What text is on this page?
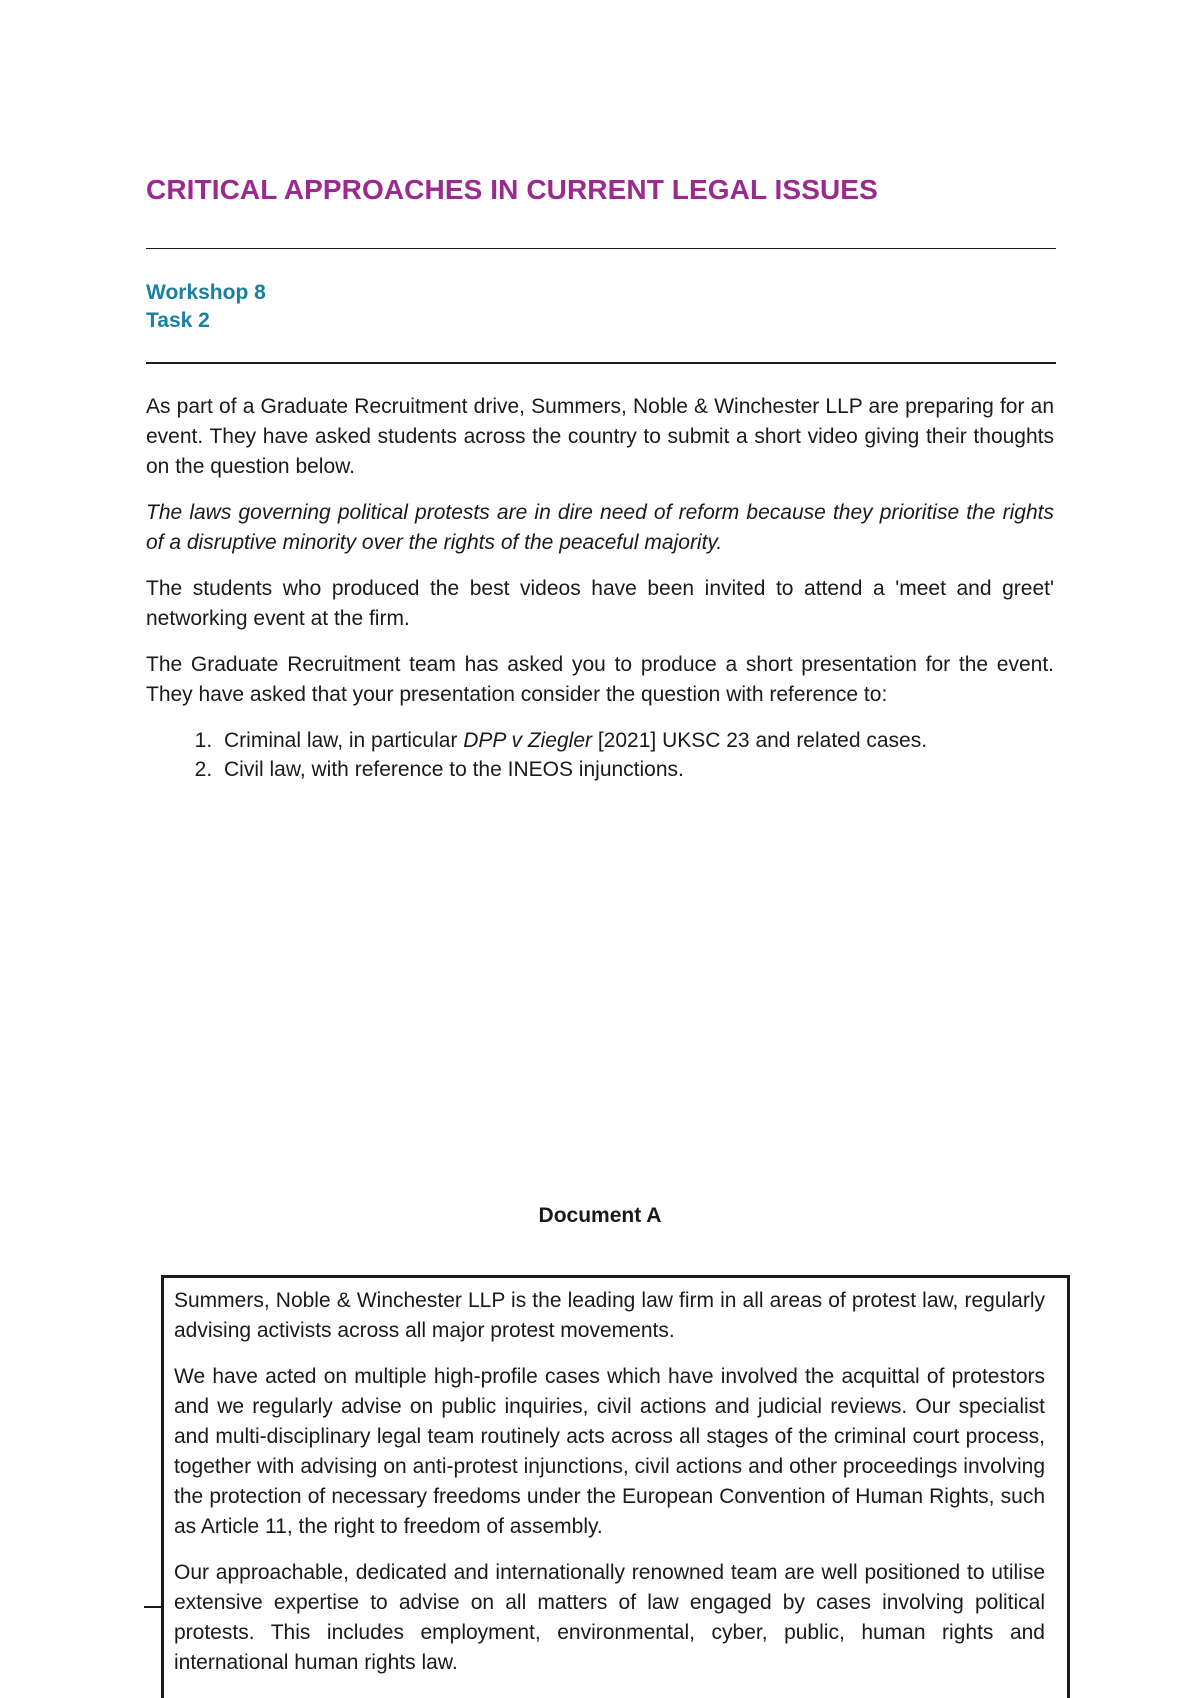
CRITICAL APPROACHES IN CURRENT LEGAL ISSUES
Workshop 8
Task 2

As part of a Graduate Recruitment drive, Summers, Noble & Winchester LLP are preparing for an event. They have asked students across the country to submit a short video giving their thoughts on the question below.

The laws governing political protests are in dire need of reform because they prioritise the rights of a disruptive minority over the rights of the peaceful majority.

The students who produced the best videos have been invited to attend a 'meet and greet' networking event at the firm.

The Graduate Recruitment team has asked you to produce a short presentation for the event. They have asked that your presentation consider the question with reference to:

1. Criminal law, in particular DPP v Ziegler [2021] UKSC 23 and related cases.
2. Civil law, with reference to the INEOS injunctions.
Document A

Summers, Noble & Winchester LLP is the leading law firm in all areas of protest law, regularly advising activists across all major protest movements.

We have acted on multiple high-profile cases which have involved the acquittal of protestors and we regularly advise on public inquiries, civil actions and judicial reviews. Our specialist and multi-disciplinary legal team routinely acts across all stages of the criminal court process, together with advising on anti-protest injunctions, civil actions and other proceedings involving the protection of necessary freedoms under the European Convention of Human Rights, such as Article 11, the right to freedom of assembly.

Our approachable, dedicated and internationally renowned team are well positioned to utilise extensive expertise to advise on all matters of law engaged by cases involving political protests. This includes employment, environmental, cyber, public, human rights and international human rights law.
